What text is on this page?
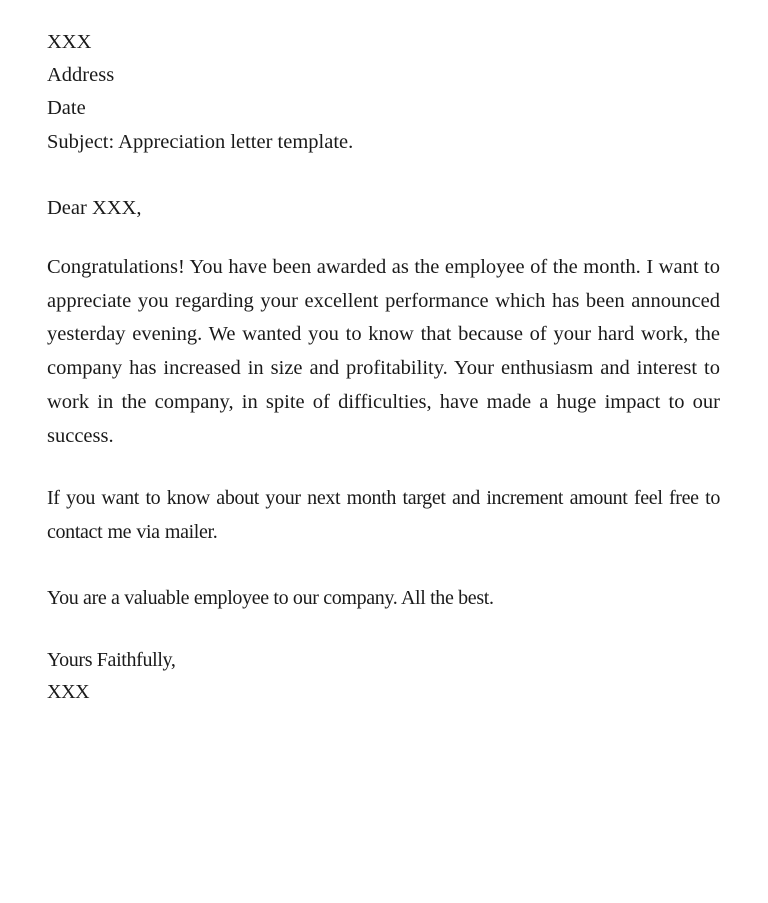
XXX
Address
Date
Subject: Appreciation letter template.
Dear XXX,
Congratulations! You have been awarded as the employee of the month. I want to appreciate you regarding your excellent performance which has been announced yesterday evening. We wanted you to know that because of your hard work, the company has increased in size and profitability. Your enthusiasm and interest to work in the company, in spite of difficulties, have made a huge impact to our success.
If you want to know about your next month target and increment amount feel free to contact me via mailer.
You are a valuable employee to our company. All the best.
Yours Faithfully,
XXX
